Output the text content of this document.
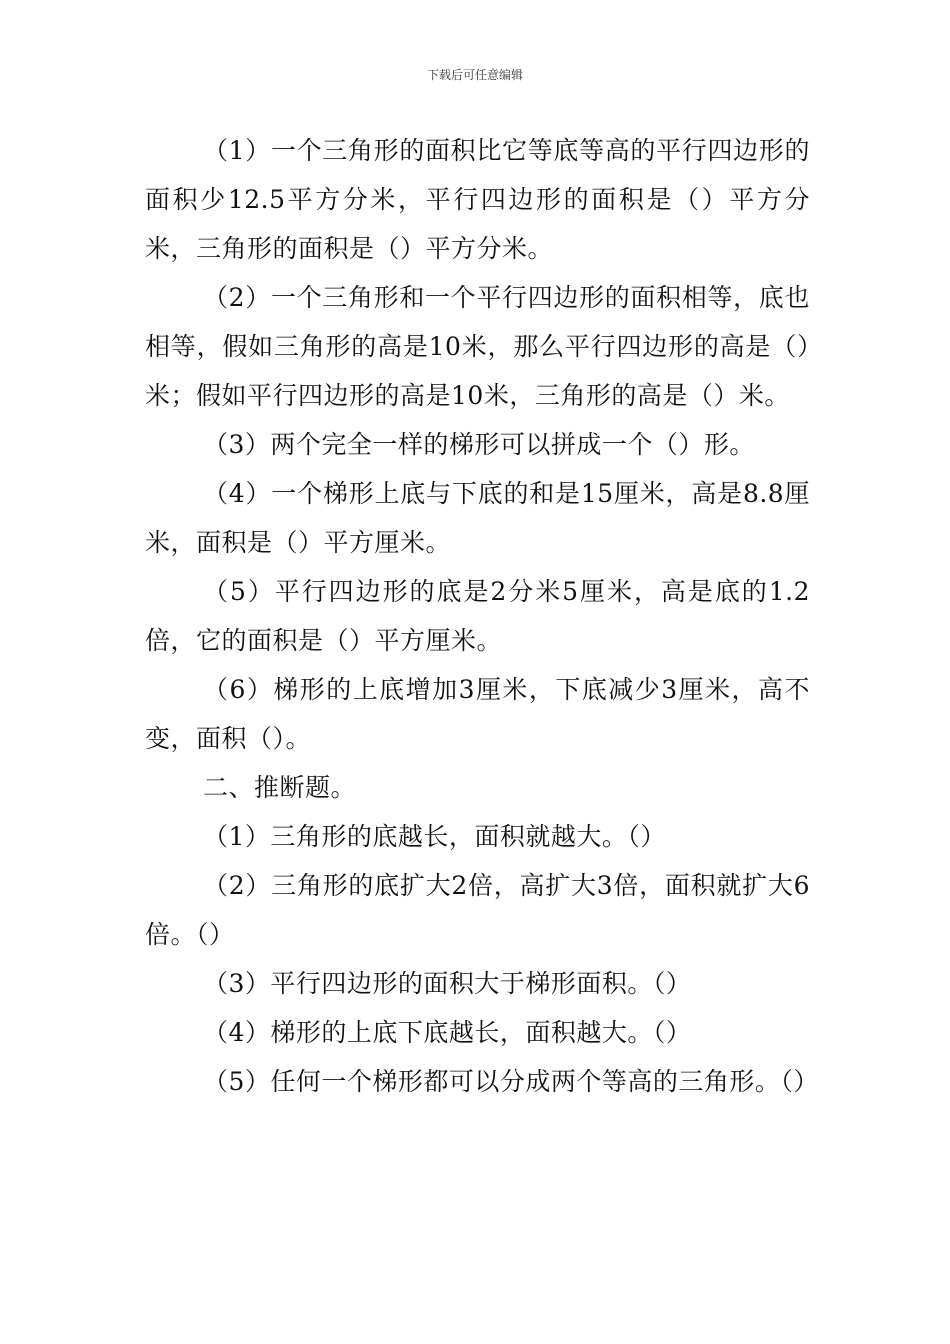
下载后可任意编辑

（1）一个三角形的面积比它等底等高的平行四边形的面积少12.5平方分米，平行四边形的面积是（）平方分米，三角形的面积是（）平方分米。

（2）一个三角形和一个平行四边形的面积相等，底也相等，假如三角形的高是10米，那么平行四边形的高是（）米；假如平行四边形的高是10米，三角形的高是（）米。

（3）两个完全一样的梯形可以拼成一个（）形。

（4）一个梯形上底与下底的和是15厘米，高是8.8厘米，面积是（）平方厘米。

（5）平行四边形的底是2分米5厘米，高是底的1.2倍，它的面积是（）平方厘米。

（6）梯形的上底增加3厘米，下底减少3厘米，高不变，面积（）。

二、推断题。

（1）三角形的底越长，面积就越大。（）

（2）三角形的底扩大2倍，高扩大3倍，面积就扩大6倍。（）

（3）平行四边形的面积大于梯形面积。（）

（4）梯形的上底下底越长，面积越大。（）

（5）任何一个梯形都可以分成两个等高的三角形。（）
